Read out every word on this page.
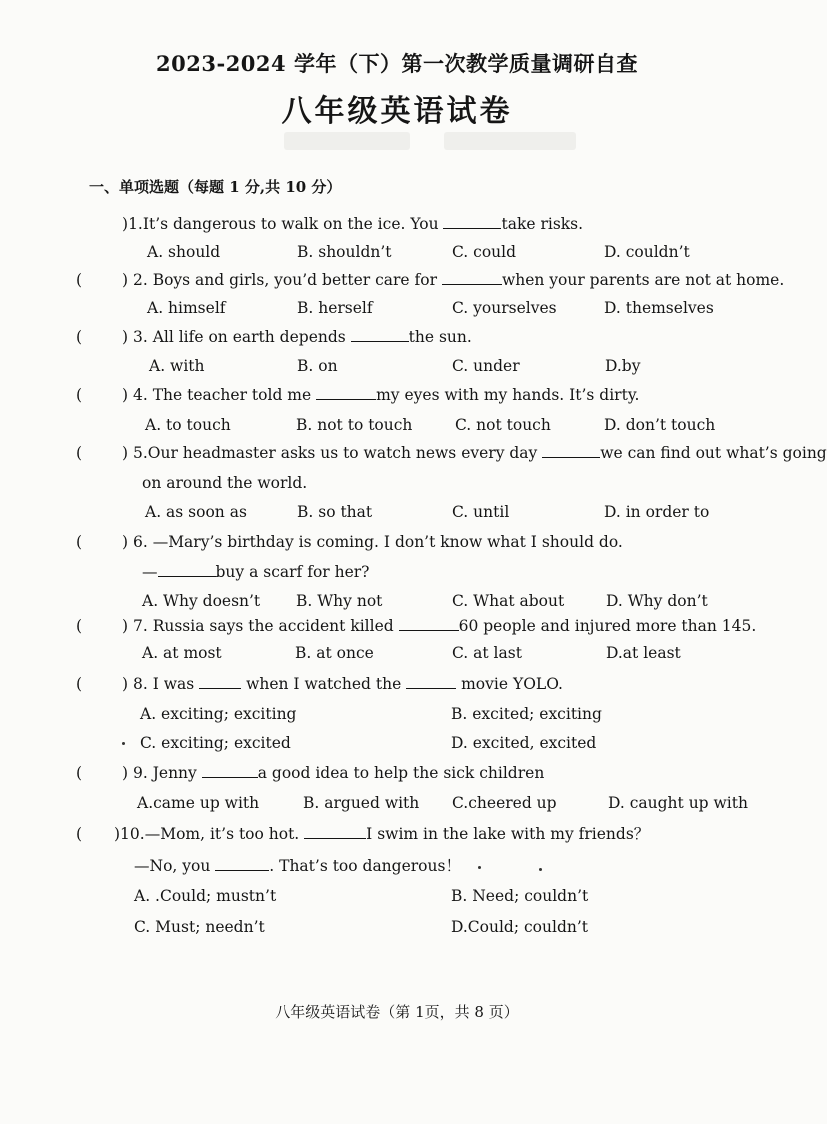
2023-2024 学年（下）第一次教学质量调研自查
八年级英语试卷
一、单项选题（每题 1 分,共 10 分）
)1.It’s dangerous to walk on the ice. You	take risks.
A. should	B. shouldn’t	C. could	D. couldn’t
(	) 2. Boys and girls, you’d better care for	when your parents are not at home.
A. himself	B. herself	C. yourselves	D. themselves
(	) 3. All life on earth depends	the sun.
A. with	B. on	C. under	D.by
(	) 4. The teacher told me	my eyes with my hands. It’s dirty.
A. to touch	B. not to touch	C. not touch	D. don’t touch
(	) 5.Our headmaster asks us to watch news every day	we can find out what’s going
on around the world.
A. as soon as	B. so that	C. until	D. in order to
(	) 6. —Mary’s birthday is coming. I don’t know what I should do.
—	buy a scarf for her?
A. Why doesn’t B. Why not	C. What about	D. Why don’t
(	) 7. Russia says the accident killed	60 people and injured more than 145.
A. at most	B. at once	C. at last	D.at least
(	) 8. I was	when I watched the	movie YOLO.
A. exciting; exciting	B. excited; exciting
C. exciting; excited	D. excited, excited
(	) 9. Jenny	a good idea to help the sick children
A.came up with	B. argued with C.cheered up	D. caught up with
( )10.—Mom, it’s too hot.	I swim in the lake with my friends？
—No, you	. That’s too dangerous！
A. .Could; mustn’t	B. Need; couldn’t
C. Must; needn’t	D.Could; couldn’t
八年级英语试卷（第 1页，共 8 页）
